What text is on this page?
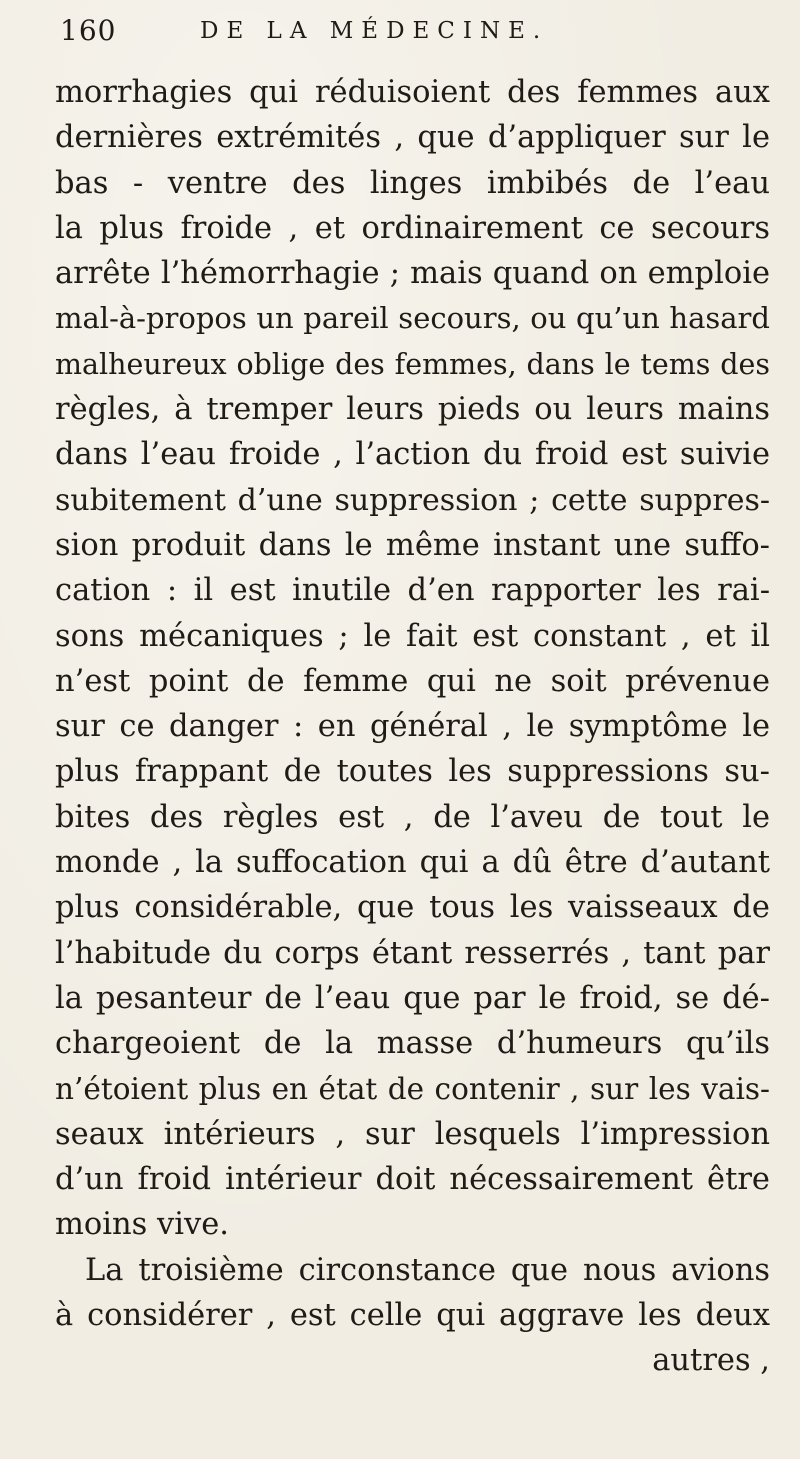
160	DE LA MÉDECINE.
morrhagies qui réduisoient des femmes aux
dernières extrémités , que d’appliquer sur le
bas - ventre des linges imbibés de l’eau
la plus froide , et ordinairement ce secours
arrête l’hémorrhagie ; mais quand on emploie
mal-à-propos un pareil secours, ou qu’un hasard
malheureux oblige des femmes, dans le tems des
règles, à tremper leurs pieds ou leurs mains
dans l’eau froide , l’action du froid est suivie
subitement d’une suppression ; cette suppres-
sion produit dans le même instant une suffo-
cation : il est inutile d’en rapporter les rai-
sons mécaniques ; le fait est constant , et il
n’est point de femme qui ne soit prévenue
sur ce danger : en général , le symptôme le
plus frappant de toutes les suppressions su-
bites des règles est , de l’aveu de tout le
monde , la suffocation qui a dû être d’autant
plus considérable, que tous les vaisseaux de
l’habitude du corps étant resserrés , tant par
la pesanteur de l’eau que par le froid, se dé-
chargeoient de la masse d’humeurs qu’ils
n’étoient plus en état de contenir , sur les vais-
seaux intérieurs , sur lesquels l’impression
d’un froid intérieur doit nécessairement être
moins vive.
La troisième circonstance que nous avions
à considérer , est celle qui aggrave les deux
autres ,
